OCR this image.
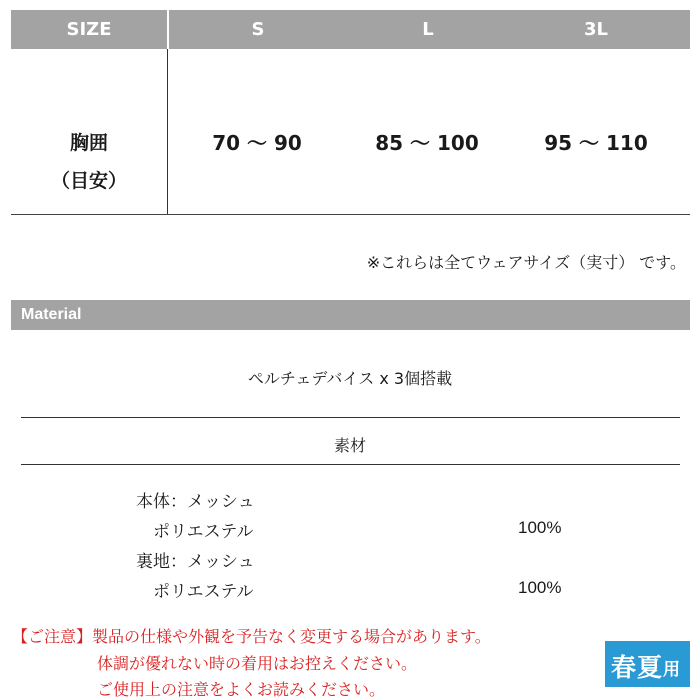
SIZE	S	L	3L
胸囲
（目安）
70 ～ 90	85 ～ 100	95 ～ 110
※これらは全てウェアサイズ（実寸） です。
Material
ペルチェデバイス x 3個搭載
素材
本体：メッシュ
ポリエステル	100%
裏地：メッシュ
ポリエステル	100%
【ご注意】製品の仕様や外観を予告なく変更する場合があります。
体調が優れない時の着用はお控えください。
ご使用上の注意をよくお読みください。
春夏 用
